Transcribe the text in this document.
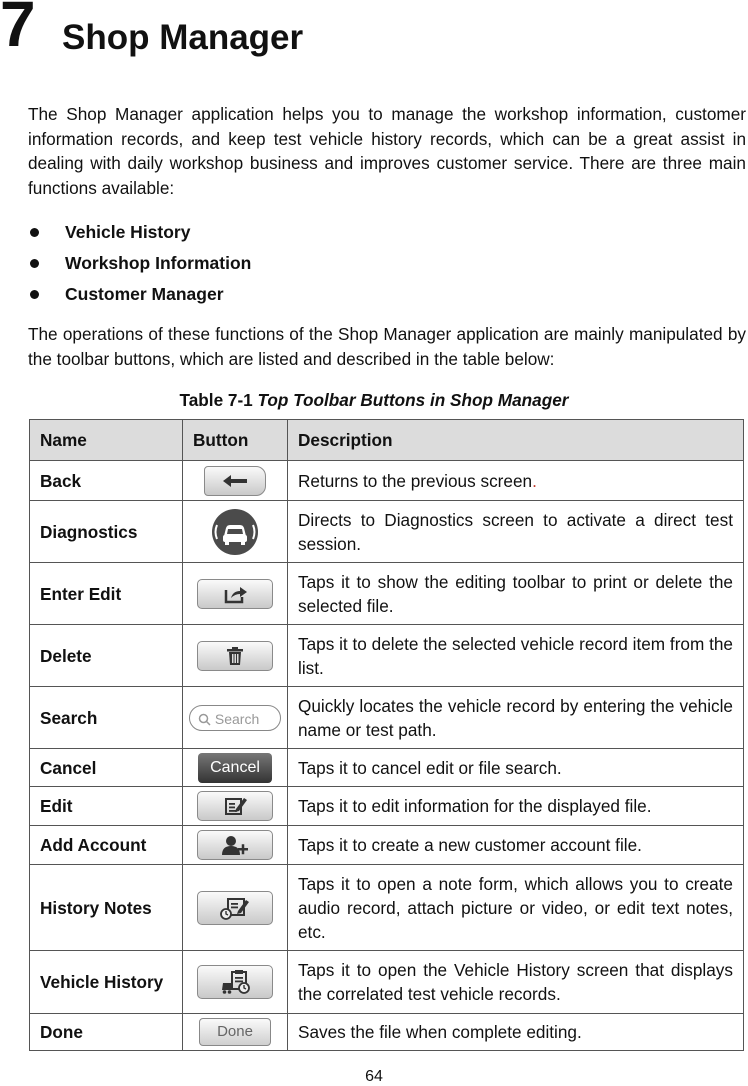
7 Shop Manager

The Shop Manager application helps you to manage the workshop information, customer information records, and keep test vehicle history records, which can be a great assist in dealing with daily workshop business and improves customer service. There are three main functions available:

Vehicle History
Workshop Information
Customer Manager

The operations of these functions of the Shop Manager application are mainly manipulated by the toolbar buttons, which are listed and described in the table below:

Table 7-1 Top Toolbar Buttons in Shop Manager
Name	Button	Description
Back		Returns to the previous screen.
Diagnostics		Directs to Diagnostics screen to activate a direct test session.
Enter Edit		Taps it to show the editing toolbar to print or delete the selected file.
Delete		Taps it to delete the selected vehicle record item from the list.
Search	Search	Quickly locates the vehicle record by entering the vehicle name or test path.
Cancel	Cancel	Taps it to cancel edit or file search.
Edit		Taps it to edit information for the displayed file.
Add Account		Taps it to create a new customer account file.
History Notes		Taps it to open a note form, which allows you to create audio record, attach picture or video, or edit text notes, etc.
Vehicle History		Taps it to open the Vehicle History screen that displays the correlated test vehicle records.
Done	Done	Saves the file when complete editing.
64
